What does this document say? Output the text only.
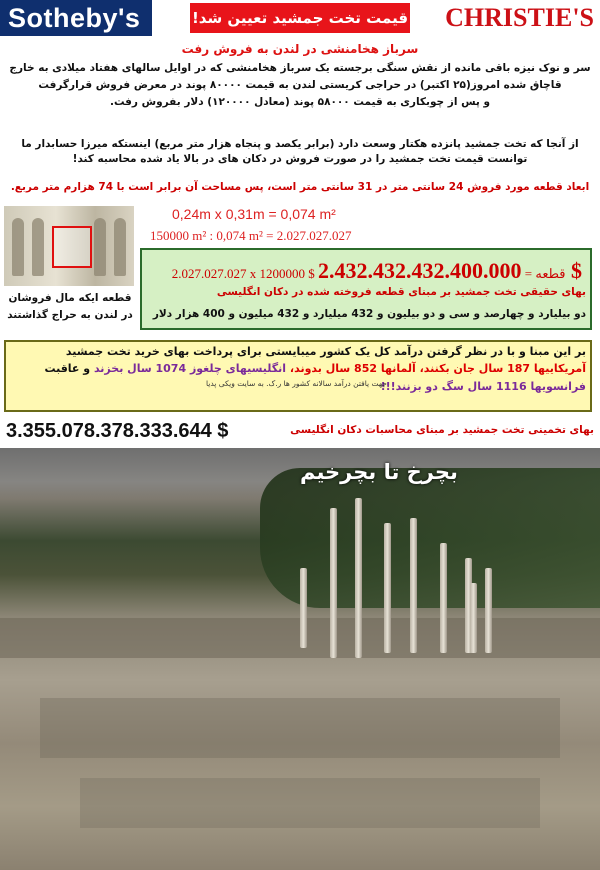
Sotheby's	قیمت تخت جمشید تعیین شد!	CHRISTIE'S
سرباز هخامنشی در لندن به فروش رفت
سر و نوک نیزه باقی مانده از نقش سنگی برجسته یک سرباز هخامنشی که در اوایل سالهای هفتاد میلادی به خارج
قاچاق شده امروز(۲۵ اکتبر) در حراجی کریستی لندن به قیمت ۸۰۰۰۰ پوند در معرض فروش قرارگرفت
و پس از چوبکاری به قیمت ۵۸۰۰۰ پوند (معادل ۱۲۰۰۰۰) دلار بفروش رفت.
از آنجا که تخت جمشید پانزده هکتار وسعت دارد (برابر یکصد و پنجاه هزار متر مربع) اینستکه میرزا حسابدار ما
توانست قیمت تخت جمشید را در صورت فروش در دکان های در بالا یاد شده محاسبه کند!
ابعاد قطعه مورد فروش 24 سانتی متر در 31 سانتی متر است، پس مساحت آن برابر است با 74 هزارم متر مربع.
قطعه ایکه مال فروشان
در لندن به حراج گذاشتند
0,24m x 0,31m = 0,074 m²
150000 m² : 0,074 m² = 2.027.027.027
2.027.027.027 x 1200000 $ قطعه = 2.432.432.432.400.000 $
بهای حقیقی تخت جمشید بر مبنای قطعه فروخته شده در دکان انگلیسی
دو بیلیارد و چهارصد و سی و دو بیلیون و 432 میلیارد و 432 میلیون و 400 هزار دلار
بر این مبنا و با در نظر گرفتن درآمد کل یک کشور میبایستی برای پرداخت بهای خرید تخت جمشید
آمریکاییها 187 سال جان بکنند، آلمانها 852 سال بدوند، انگلیسیهای چلغوز 1074 سال بخزند و عاقبت
فرانسویها 1116 سال سگ دو بزنند!!!
جهت یافتن درآمد سالانه کشور ها ر.ک. به سایت ویکی پدیا
3.355.078.378.333.644 $	بهای تخمینی تخت جمشید بر مبنای محاسبات دکان انگلیسی
بچرخ تا بچرخیم
